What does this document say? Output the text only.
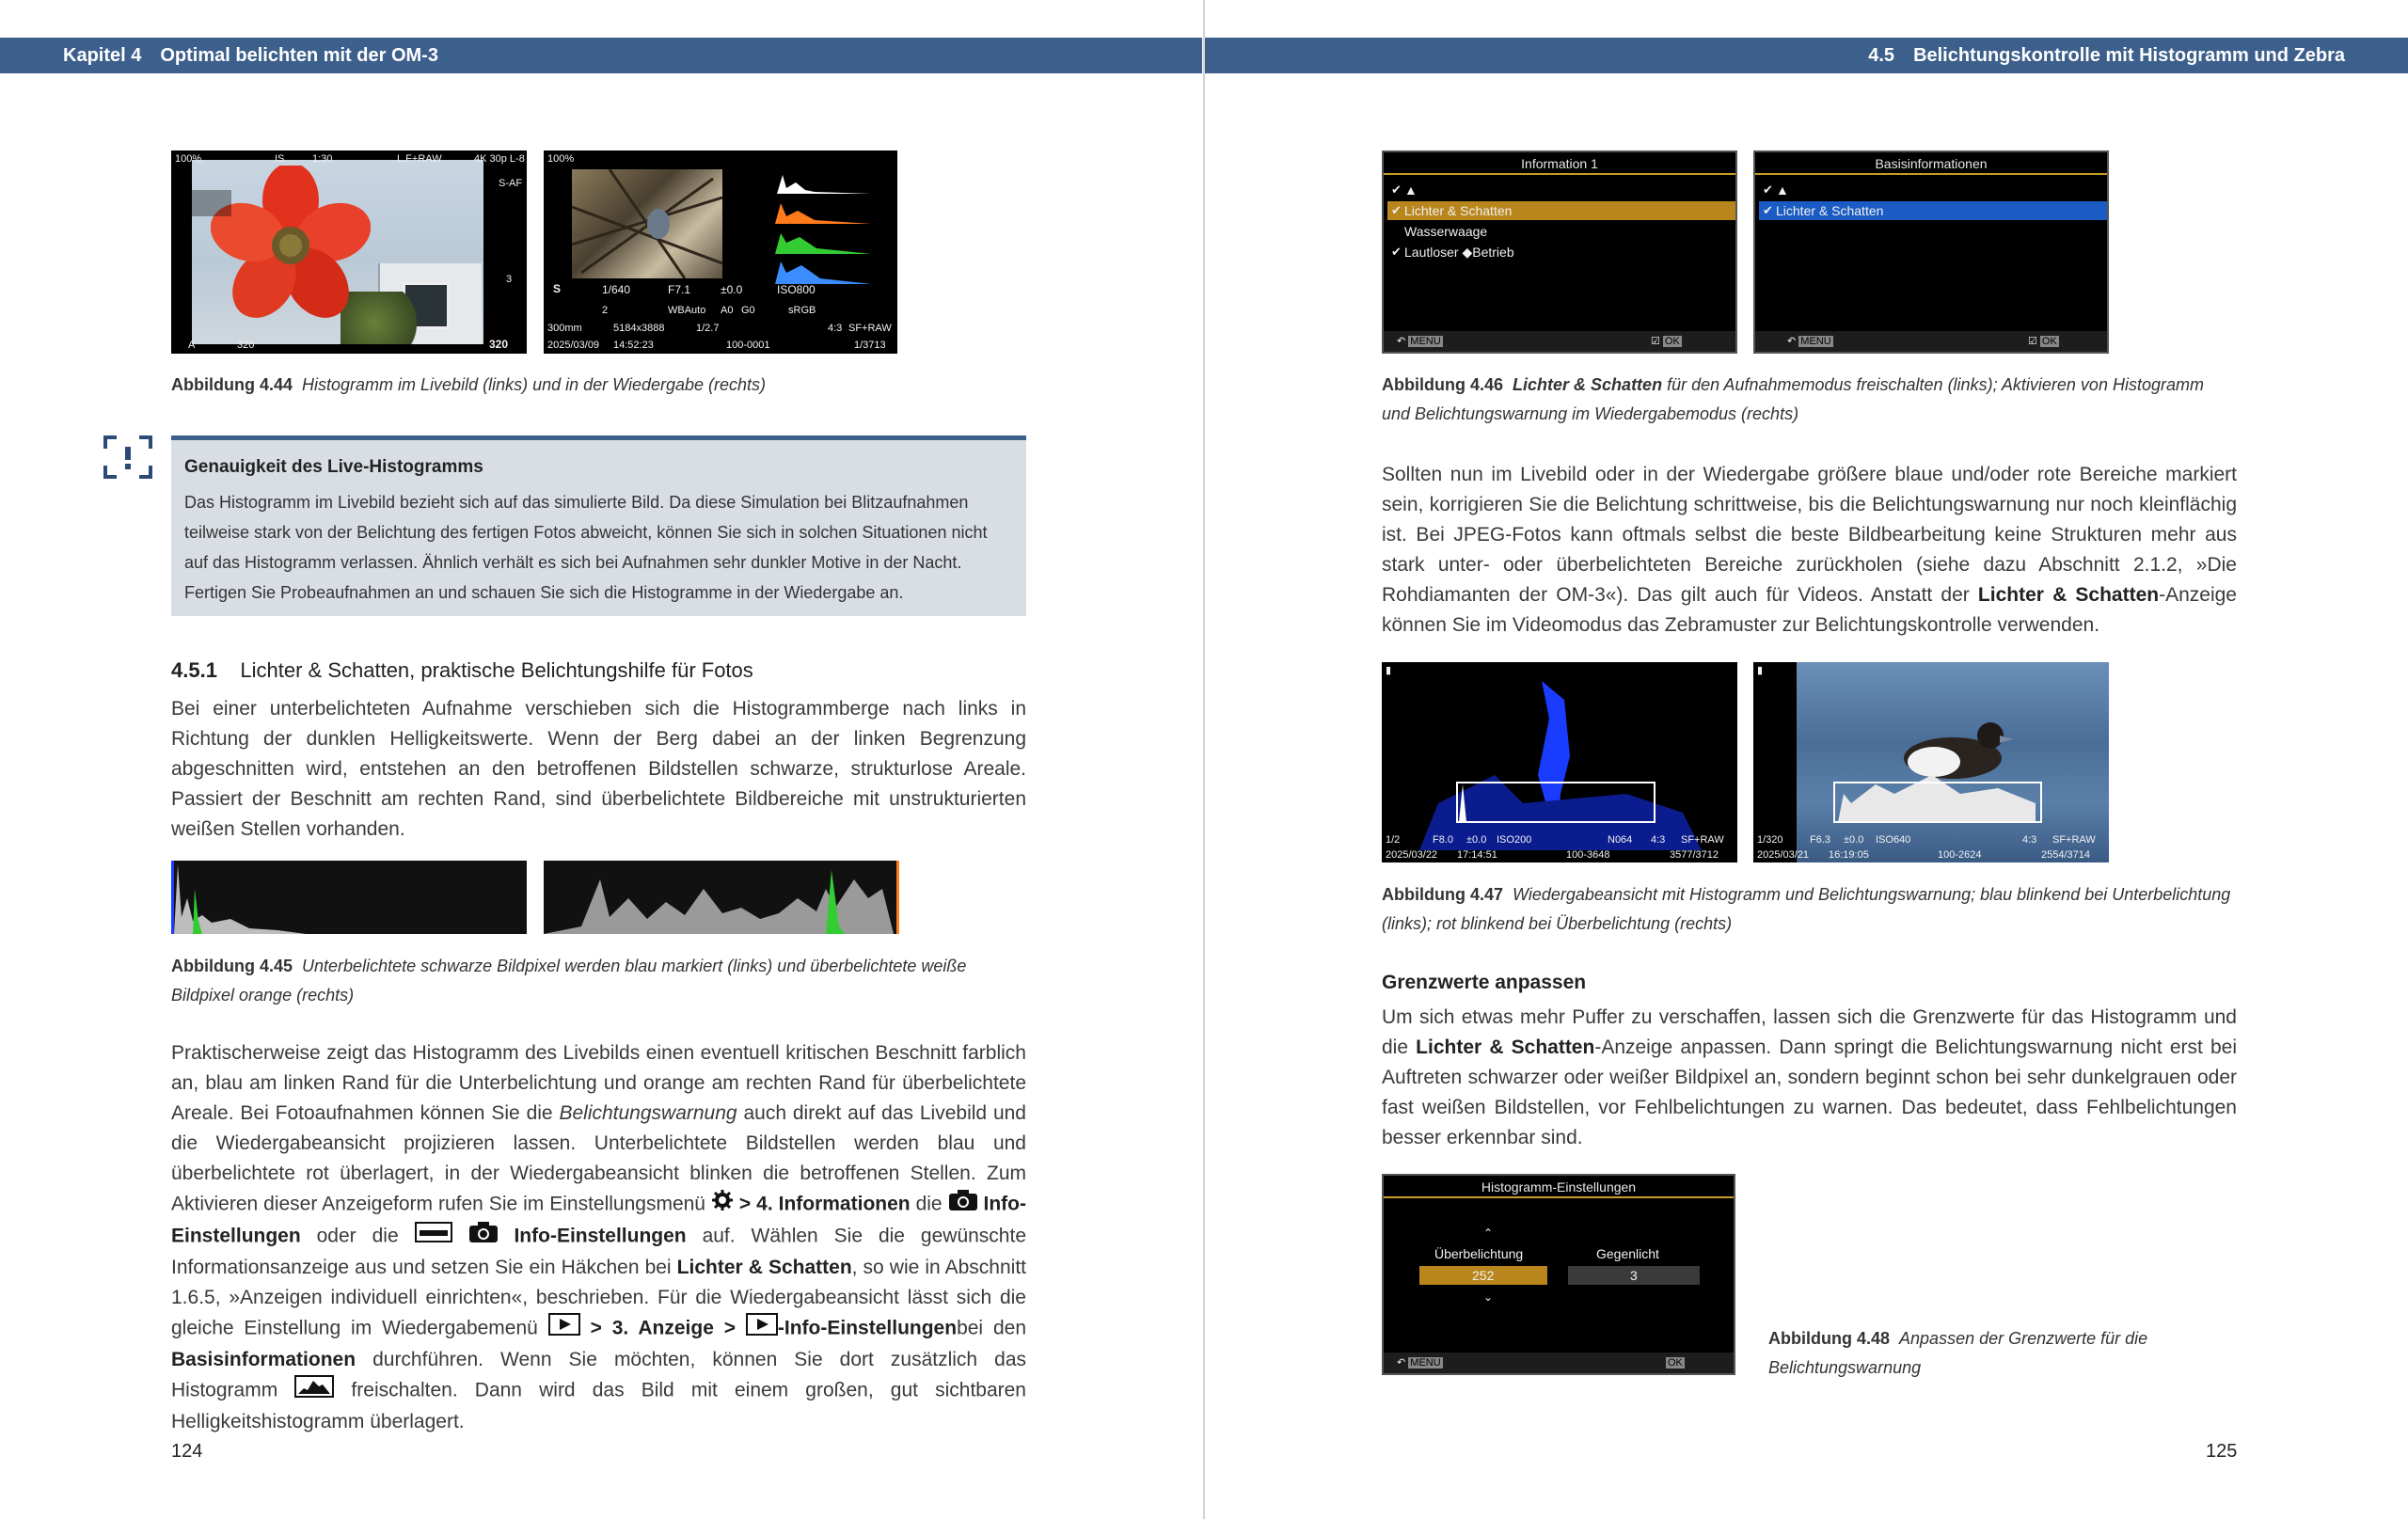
Kapitel 4 Optimal belichten mit der OM-3	4.5 Belichtungskontrolle mit Histogramm und Zebra
100%	IS	1:30	L.F+RAW	4K 30p L-8
S-AF
3
A	320	320
100%
S	1/640	F7.1	±0.0	ISO800
2	WBAuto A0 G0	sRGB
300mm	5184x3888	1/2.7	4:3 SF+RAW
2025/03/09 14:52:23	100-0001	1/3713
Abbildung 4.44 Histogramm im Livebild (links) und in der Wiedergabe (rechts)
Genauigkeit des Live-Histogramms
Das Histogramm im Livebild bezieht sich auf das simulierte Bild. Da diese Simulation bei Blitzaufnahmen teilweise stark von der Belichtung des fertigen Fotos abweicht, können Sie sich in solchen Situationen nicht auf das Histogramm verlassen. Ähnlich verhält es sich bei Aufnahmen sehr dunkler Motive in der Nacht. Fertigen Sie Probeaufnahmen an und schauen Sie sich die Histogramme in der Wiedergabe an.
4.5.1 Lichter & Schatten, praktische Belichtungshilfe für Fotos
Bei einer unterbelichteten Aufnahme verschieben sich die Histogrammberge nach links in Richtung der dunklen Helligkeitswerte. Wenn der Berg dabei an der linken Begrenzung abgeschnitten wird, entstehen an den betroffenen Bildstellen schwarze, strukturlose Areale. Passiert der Beschnitt am rechten Rand, sind überbelichtete Bildbereiche mit unstrukturierten weißen Stellen vorhanden.
Abbildung 4.45 Unterbelichtete schwarze Bildpixel werden blau markiert (links) und überbelichtete weiße Bildpixel orange (rechts)
Praktischerweise zeigt das Histogramm des Livebilds einen eventuell kritischen Beschnitt farblich an, blau am linken Rand für die Unterbelichtung und orange am rechten Rand für überbelichtete Areale. Bei Fotoaufnahmen können Sie die Belichtungswarnung auch direkt auf das Livebild und die Wiedergabeansicht projizieren lassen. Unterbelichtete Bildstellen werden blau und überbelichtete rot überlagert, in der Wiedergabeansicht blinken die betroffenen Stellen. Zum Aktivieren dieser Anzeigeform rufen Sie im Einstellungsmenü  > 4. Informationen die  Info-Einstellungen oder die	Info-Einstellungen auf. Wählen Sie die gewünschte Informationsanzeige aus und setzen Sie ein Häkchen bei Lichter & Schatten, so wie in Abschnitt 1.6.5, »Anzeigen individuell einrichten«, beschrieben. Für die Wiedergabeansicht lässt sich die gleiche Einstellung im Wiedergabemenü  > 3. Anzeige > -Info-Einstellungenbei den Basisinformationen durchführen. Wenn Sie möchten, können Sie dort zusätzlich das Histogramm  freischalten. Dann wird das Bild mit einem großen, gut sichtbaren Helligkeitshistogramm überlagert.
124
Information 1
✔ ▲
✔ Lichter & Schatten
Wasserwaage
✔ Lautloser ◆Betrieb
↶ MENU	☑ OK
Basisinformationen
✔ ▲
✔ Lichter & Schatten
↶ MENU	☑ OK
Abbildung 4.46 Lichter & Schatten für den Aufnahmemodus freischalten (links); Aktivieren von Histogramm und Belichtungswarnung im Wiedergabemodus (rechts)
Sollten nun im Livebild oder in der Wiedergabe größere blaue und/oder rote Bereiche markiert sein, korrigieren Sie die Belichtung schrittweise, bis die Belichtungswarnung nur noch kleinflächig ist. Bei JPEG-Fotos kann oftmals selbst die beste Bildbearbeitung keine Strukturen mehr aus stark unter- oder überbelichteten Bereiche zurückholen (siehe dazu Abschnitt 2.1.2, »Die Rohdiamanten der OM-3«). Das gilt auch für Videos. Anstatt der Lichter & Schatten-Anzeige können Sie im Videomodus das Zebramuster zur Belichtungskontrolle verwenden.
▮
1/2	F8.0 ±0.0 ISO200	N064 4:3 SF+RAW
2025/03/22 17:14:51	100-3648	3577/3712
▮
1/320	F6.3 ±0.0 ISO640	4:3 SF+RAW
2025/03/21 16:19:05	100-2624	2554/3714
Abbildung 4.47 Wiedergabeansicht mit Histogramm und Belichtungswarnung; blau blinkend bei Unterbelichtung (links); rot blinkend bei Überbelichtung (rechts)
Grenzwerte anpassen
Um sich etwas mehr Puffer zu verschaffen, lassen sich die Grenzwerte für das Histogramm und die Lichter & Schatten-Anzeige anpassen. Dann springt die Belichtungswarnung nicht erst bei Auftreten schwarzer oder weißer Bildpixel an, sondern beginnt schon bei sehr dunkelgrauen oder fast weißen Bildstellen, vor Fehlbelichtungen zu warnen. Das bedeutet, dass Fehlbelichtungen besser erkennbar sind.
Histogramm-Einstellungen
⌃
Überbelichtung	Gegenlicht
252	3
⌄
↶ MENU	OK
Abbildung 4.48 Anpassen der Grenzwerte für die Belichtungswarnung
125
